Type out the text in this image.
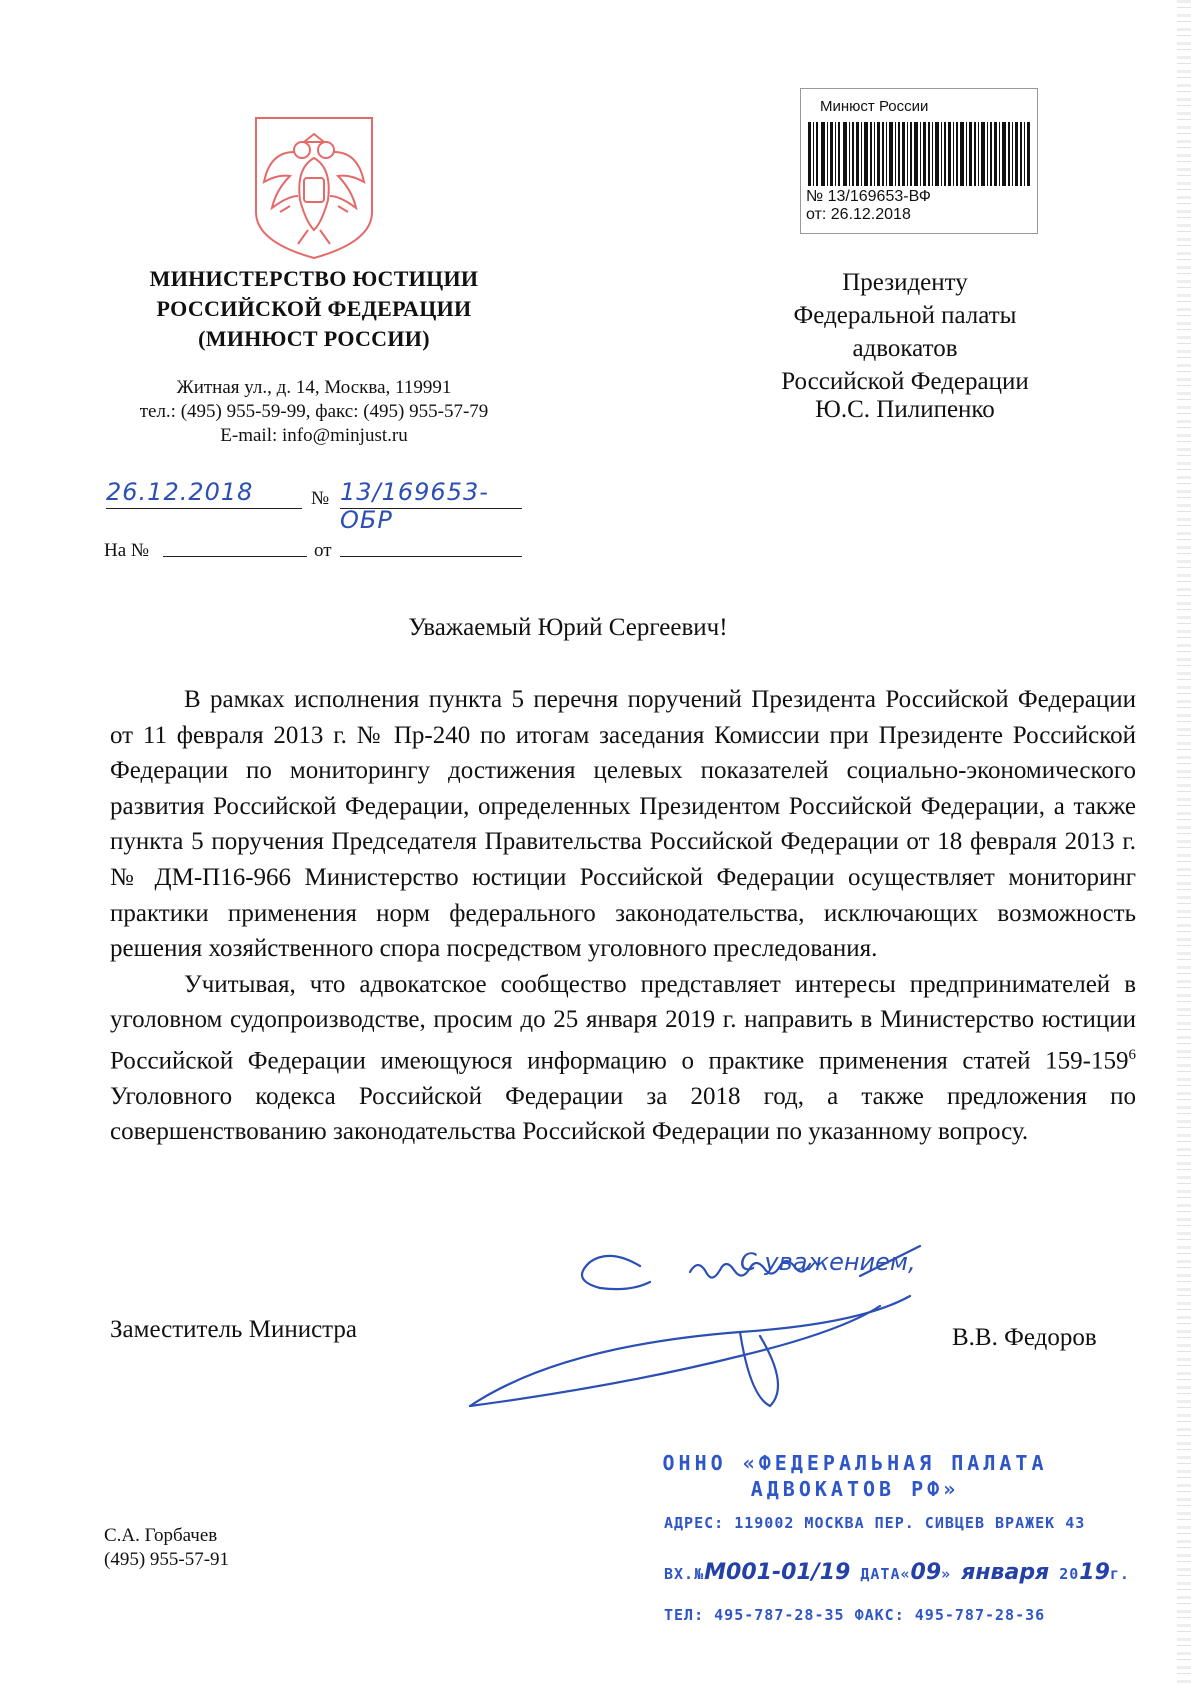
МИНИСТЕРСТВО ЮСТИЦИИ
РОССИЙСКОЙ ФЕДЕРАЦИИ
(МИНЮСТ РОССИИ)
Житная ул., д. 14, Москва, 119991
тел.: (495) 955-59-99, факс: (495) 955-57-79
E-mail: info@minjust.ru
26.12.2018	№ 13/169653-ОБР
На №	от
Минюст России
№ 13/169653-ВФ
от: 26.12.2018
Президенту
Федеральной палаты адвокатов
Российской Федерации
Ю.С. Пилипенко
Уважаемый Юрий Сергеевич!

В рамках исполнения пункта 5 перечня поручений Президента Российской Федерации от 11 февраля 2013 г. № Пр-240 по итогам заседания Комиссии при Президенте Российской Федерации по мониторингу достижения целевых показателей социально-экономического развития Российской Федерации, определенных Президентом Российской Федерации, а также пункта 5 поручения Председателя Правительства Российской Федерации от 18 февраля 2013 г. № ДМ-П16-966 Министерство юстиции Российской Федерации осуществляет мониторинг практики применения норм федерального законодательства, исключающих возможность решения хозяйственного спора посредством уголовного преследования.

Учитывая, что адвокатское сообщество представляет интересы предпринимателей в уголовном судопроизводстве, просим до 25 января 2019 г. направить в Министерство юстиции Российской Федерации имеющуюся информацию о практике применения статей $159-159^6$ Уголовного кодекса Российской Федерации за 2018 год, а также предложения по совершенствованию законодательства Российской Федерации по указанному вопросу.

С уважением,
Заместитель Министра	В.В. Федоров
ОННО «ФЕДЕРАЛЬНАЯ ПАЛАТА
АДВОКАТОВ РФ»
АДРЕС: 119002 МОСКВА ПЕР. СИВЦЕВ ВРАЖЕК 43
ВХ.№М001-01/19 ДАТА«09» января 2019г.
ТЕЛ: 495-787-28-35 ФАКС: 495-787-28-36
С.А. Горбачев
(495) 955-57-91
